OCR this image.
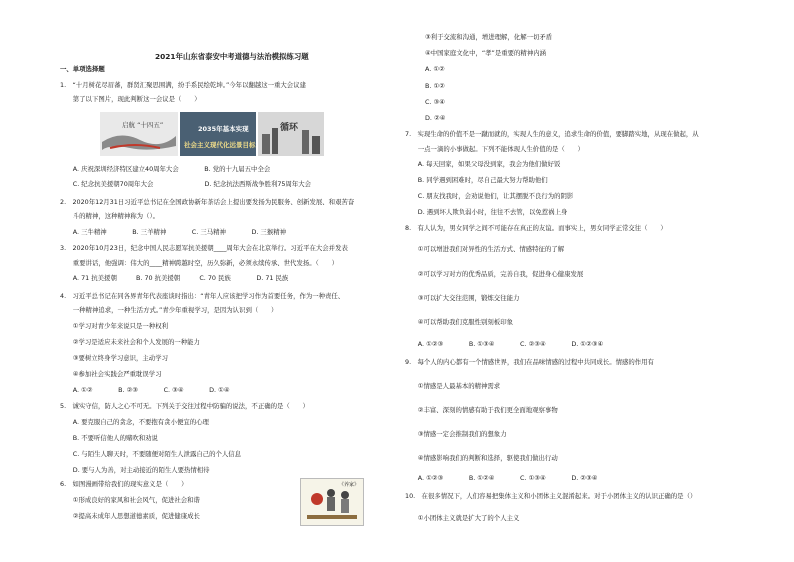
2021年山东省泰安中考道德与法治模拟练习题
一、单项选择题
1.　“十月树花尽眉蕃，群贤汇聚思围满，纷手系民绘乾坤。”今年以翻越这一重大会议建
　　第了以下图片，现此判断这一会议是（　　）
　　A. 庆祝深圳经济特区建立40周年大会　　　　B. 党的十九届五中全会
　　C. 纪念抗美援朝70周年大会　　　　　　　　D. 纪念抗法西斯战争胜利75周年大会
2.　2020年12月31日习近平总书记在全国政协新年茶话会上提出要发扬为民服务、创新发展、和艰苦奋
　　斗的精神，这种精神称为（）。
　　A. 三牛精神　　　　B. 三羊精神　　　　C. 三马精神　　　　D. 三猴精神
3.　2020年10月23日，纪念中国人民志愿军抗美援朝____周年大会在北京举行。习近平在大会并发表
　　重要讲话，他强调：伟大的____精神跨越时空，历久弥新，必须永续传承、世代发扬。（　　）
　　A. 71 抗美援朝　　　B. 70 抗美援朝　　　C. 70 民族　　　　D. 71 民族
4.　习近平总书记在同各界青年代表座谈时指出：“青年人应该把学习作为首要任务，作为一种责任、
　　一种精神追求，一种生活方式。”青少年重视学习，是因为认识到（　　）
　　①学习对青少年来说只是一种权利
　　②学习是适应未来社会和个人发展的一种能力
　　③要树立终身学习意识，主动学习
　　④参加社会实践会严重耽误学习
　　A. ①②　　　　B. ②③　　　　C. ③④　　　　D. ①④
5.　诚实守信，防人之心不可无。下列关于交往过程中防骗的说法，不正确的是（　　）
　　A. 要克服自己的贪念，不要抱有贪小便宜的心理
　　B. 不要听信他人的赌吹和劝说
　　C. 与陌生人聊天时，不要随便对陌生人泄露自己的个人信息
　　D. 要与人为善，对主动接近的陌生人要热情相待
6.　如图漫画带给我们的现实意义是（　　）
　　①形成良好的家风和社会风气，促进社会和谐
　　②提高未成年人思想道德素质，促进健康成长
启航 “十四五”	2035年基本实现
社会主义现代化远景目标
循环
《养家》
③利于交流和沟通，增进理解，化解一切矛盾
④中国家庭文化中，“孝”是重要的精神内涵
A. ①②
B. ①②
C. ③④
D. ②④
7.　实现生命的价值不是一蹴而就的，实现人生的意义，追求生命的价值，要脚踏实地，从现在做起，从
　　一点一滴的小事做起。下列不能体现人生价值的是（　　）
　　A. 每天回家，如果父母没到家，我会为他们做好饭
　　B. 同学遇到困难时，尽自己最大努力帮助他们
　　C. 朋友找我时，会劝说他们，让其摆脱不良行为的阴影
　　D. 遇到坏人欺负弱小时，往往不去管，以免惹祸上身
8.　有人认为，男女同学之间不可能存在真正的友谊。而事实上，男女同学正常交往（　　）
　　①可以增进我们对异性的生活方式、情感特征的了解
　　②可以学习对方的优秀品质，完善自我，促进身心健康发展
　　③可以扩大交往范围，锻炼交往能力
　　④可以帮助我们克服性别刻板印象
　　A. ①②③　　　　B. ①③④　　　　C. ②③④　　　　D. ①②③④
9.　每个人的内心都有一个情感世界，我们在品味情感的过程中共同成长。情感的作用有
　　①情感是人最基本的精神需求
　　②丰富、深刻的情感有助于我们更全面地观察事物
　　③情感一定会推制我们的想象力
　　④情感影响我们的判断和选择，驱使我们做出行动
　　A. ①②③　　　　B. ①②④　　　　C. ①③④　　　　D. ②③④
10.　在很多情况下，人们容易把集体主义和小团体主义混淆起来。对于小团体主义的认识正确的是（）
　　①小团体主义就是扩大了的个人主义
